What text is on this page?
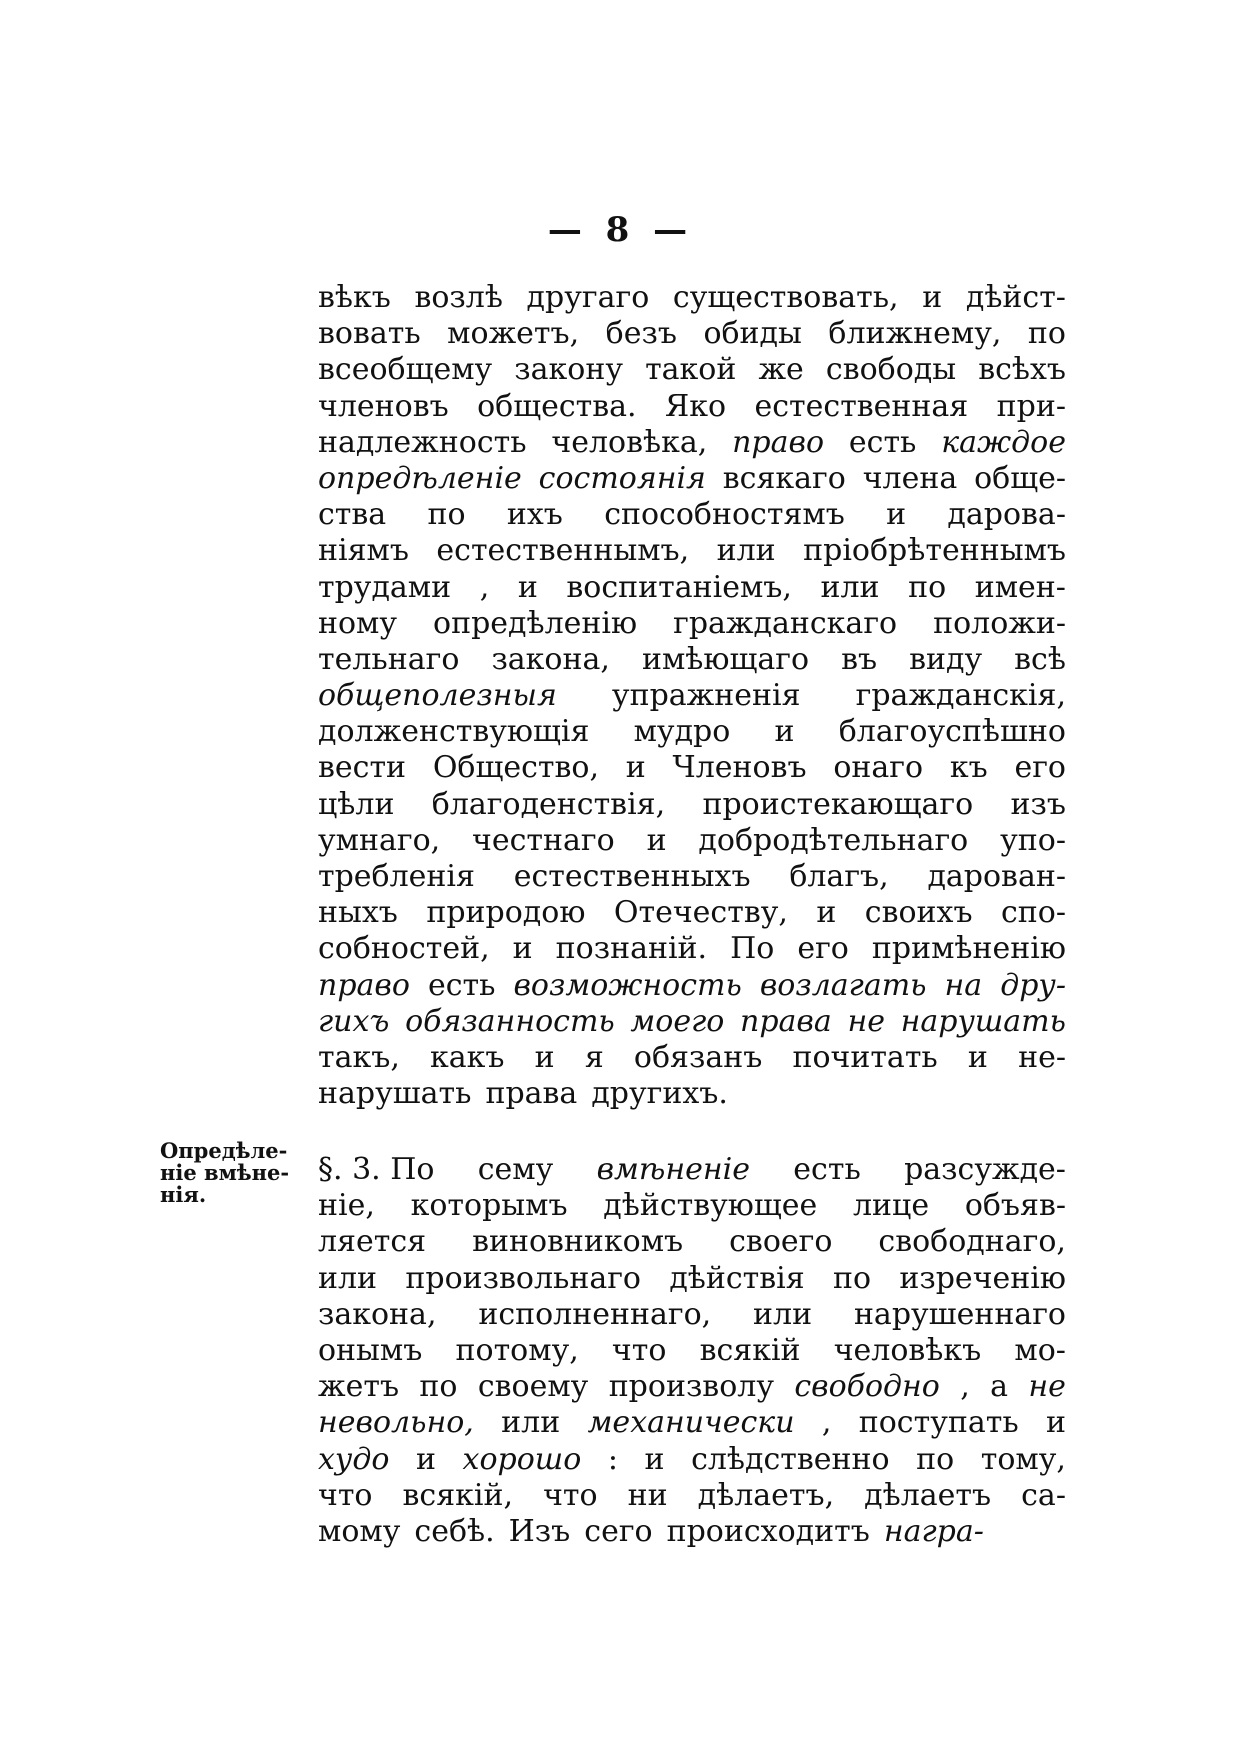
— 8 —
вѣкъ возлѣ другаго существовать, и дѣйст-
вовать можетъ, безъ обиды ближнему, по
всеобщему закону такой же свободы всѣхъ
членовъ общества. Яко естественная при-
надлежность человѣка, право есть каждое
опредѣленіе состоянія всякаго члена обще-
ства по ихъ способностямъ и дарова-
ніямъ естественнымъ, или пріобрѣтеннымъ
трудами , и воспитаніемъ, или по имен-
ному опредѣленію гражданскаго положи-
тельнаго закона, имѣющаго въ виду всѣ
общеполезныя упражненія гражданскія,
долженствующія мудро и благоуспѣшно
вести Общество, и Членовъ онаго къ его
цѣли благоденствія, проистекающаго изъ
умнаго, честнаго и добродѣтельнаго упо-
требленія естественныхъ благъ, дарован-
ныхъ природою Отечеству, и своихъ спо-
собностей, и познаній. По его примѣненію
право есть возможность возлагать на дру-
гихъ обязанность моего права не нарушать
такъ, какъ и я обязанъ почитать и не-
нарушать права другихъ.
Опредѣле-
ніе вмѣне-
нія.
§. 3. По сему вмѣненіе есть разсужде-
ніе, которымъ дѣйствующее лице объяв-
ляется виновникомъ своего свободнаго,
или произвольнаго дѣйствія по изреченію
закона, исполненнаго, или нарушеннаго
онымъ потому, что всякій человѣкъ мо-
жетъ по своему произволу свободно , а не
невольно, или механически , поступать и
худо и хорошо : и слѣдственно по тому,
что всякій, что ни дѣлаетъ, дѣлаетъ са-
мому себѣ. Изъ сего происходитъ награ-
